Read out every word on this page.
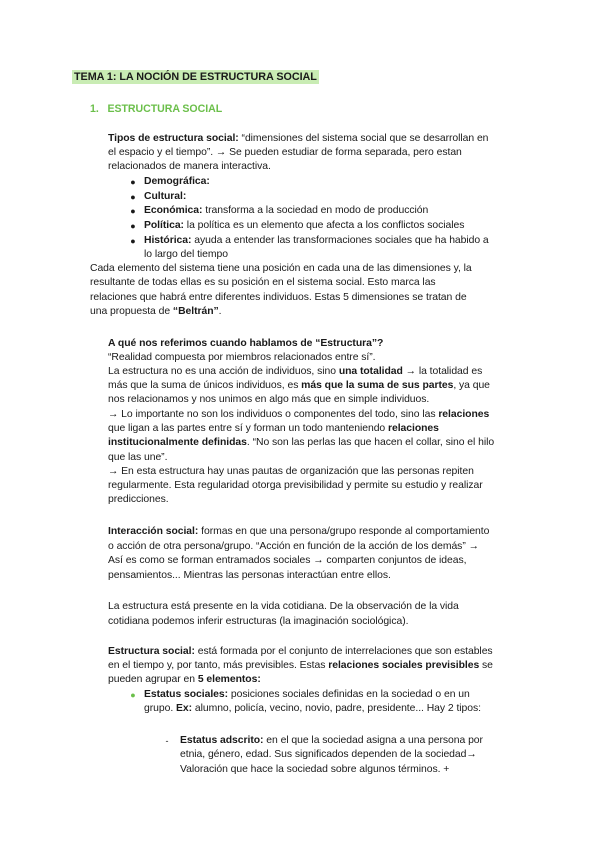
TEMA 1: LA NOCIÓN DE ESTRUCTURA SOCIAL
1. ESTRUCTURA SOCIAL
Tipos de estructura social: “dimensiones del sistema social que se desarrollan en
el espacio y el tiempo”. → Se pueden estudiar de forma separada, pero estan
relacionados de manera interactiva.
● Demográfica:
● Cultural:
● Económica: transforma a la sociedad en modo de producción
● Política: la política es un elemento que afecta a los conflictos sociales
● Histórica: ayuda a entender las transformaciones sociales que ha habido a
lo largo del tiempo
Cada elemento del sistema tiene una posición en cada una de las dimensiones y, la
resultante de todas ellas es su posición en el sistema social. Esto marca las
relaciones que habrá entre diferentes individuos. Estas 5 dimensiones se tratan de
una propuesta de “Beltrán”.
A qué nos referimos cuando hablamos de “Estructura”?
“Realidad compuesta por miembros relacionados entre sí”.
La estructura no es una acción de individuos, sino una totalidad → la totalidad es
más que la suma de únicos individuos, es más que la suma de sus partes, ya que
nos relacionamos y nos unimos en algo más que en simple individuos.
→ Lo importante no son los individuos o componentes del todo, sino las relaciones
que ligan a las partes entre sí y forman un todo manteniendo relaciones
institucionalmente definidas. “No son las perlas las que hacen el collar, sino el hilo
que las une”.
→ En esta estructura hay unas pautas de organización que las personas repiten
regularmente. Esta regularidad otorga previsibilidad y permite su estudio y realizar
predicciones.
Interacción social: formas en que una persona/grupo responde al comportamiento
o acción de otra persona/grupo. “Acción en función de la acción de los demás” →
Así es como se forman entramados sociales → comparten conjuntos de ideas,
pensamientos... Mientras las personas interactúan entre ellos.
La estructura está presente en la vida cotidiana. De la observación de la vida
cotidiana podemos inferir estructuras (la imaginación sociológica).
Estructura social: está formada por el conjunto de interrelaciones que son estables
en el tiempo y, por tanto, más previsibles. Estas relaciones sociales previsibles se
pueden agrupar en 5 elementos:
● Estatus sociales: posiciones sociales definidas en la sociedad o en un
grupo. Ex: alumno, policía, vecino, novio, padre, presidente... Hay 2 tipos:
-	Estatus adscrito: en el que la sociedad asigna a una persona por
etnia, género, edad. Sus significados dependen de la sociedad→
Valoración que hace la sociedad sobre algunos términos. +
